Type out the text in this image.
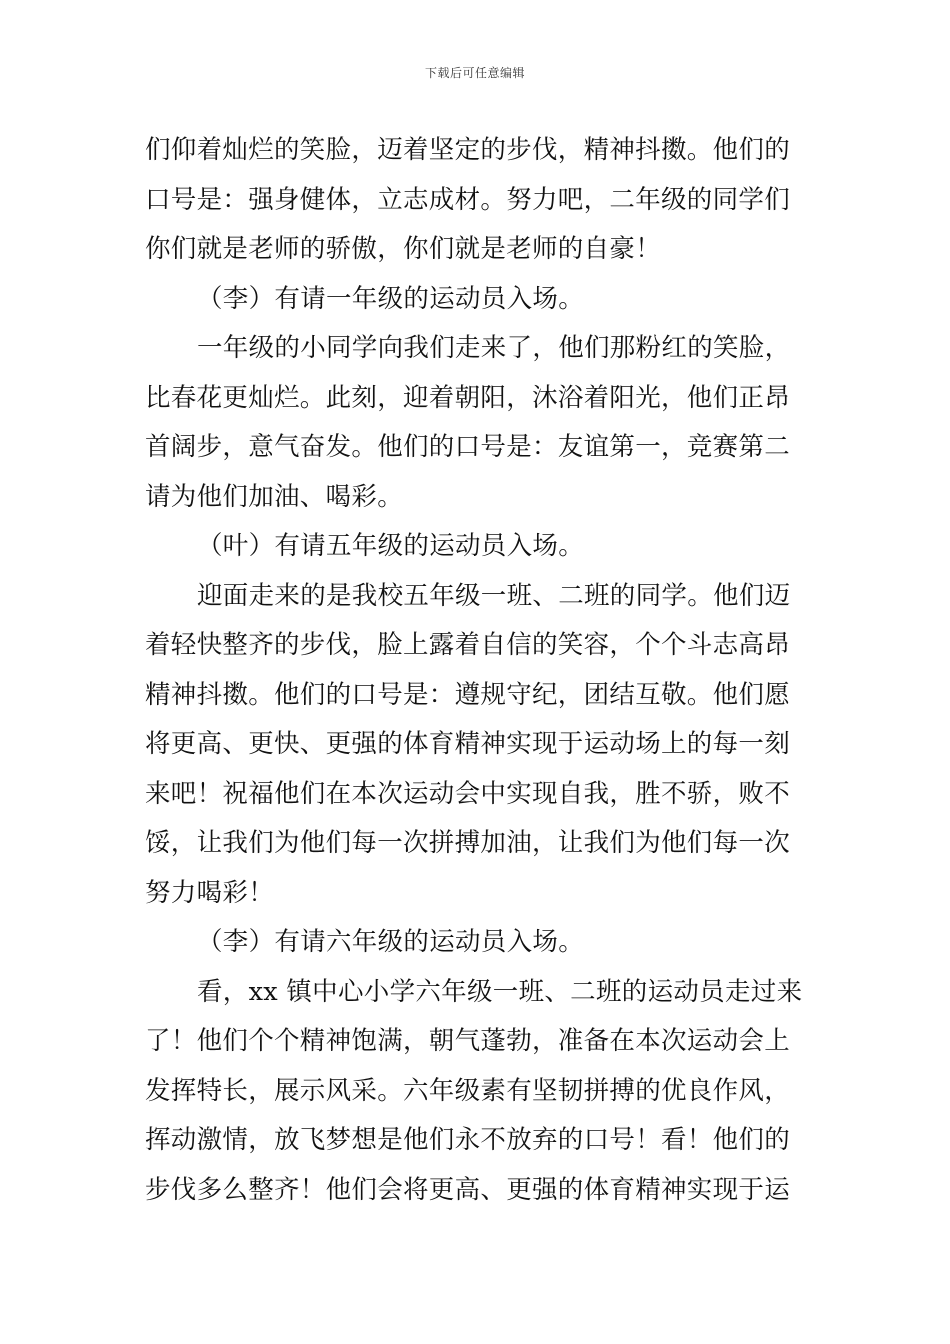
下载后可任意编辑
们仰着灿烂的笑脸，迈着坚定的步伐，精神抖擞。他们的
口号是：强身健体，立志成材。努力吧，二年级的同学们
你们就是老师的骄傲，你们就是老师的自豪！
（李）有请一年级的运动员入场。
一年级的小同学向我们走来了，他们那粉红的笑脸，
比春花更灿烂。此刻，迎着朝阳，沐浴着阳光，他们正昂
首阔步，意气奋发。他们的口号是：友谊第一，竞赛第二
请为他们加油、喝彩。
（叶）有请五年级的运动员入场。
迎面走来的是我校五年级一班、二班的同学。他们迈
着轻快整齐的步伐，脸上露着自信的笑容，个个斗志高昂
精神抖擞。他们的口号是：遵规守纪，团结互敬。他们愿
将更高、更快、更强的体育精神实现于运动场上的每一刻
来吧！祝福他们在本次运动会中实现自我，胜不骄，败不
馁，让我们为他们每一次拼搏加油，让我们为他们每一次
努力喝彩！
（李）有请六年级的运动员入场。
看，xx 镇中心小学六年级一班、二班的运动员走过来
了！他们个个精神饱满，朝气蓬勃，准备在本次运动会上
发挥特长，展示风采。六年级素有坚韧拼搏的优良作风，
挥动激情，放飞梦想是他们永不放弃的口号！看！他们的
步伐多么整齐！他们会将更高、更强的体育精神实现于运
